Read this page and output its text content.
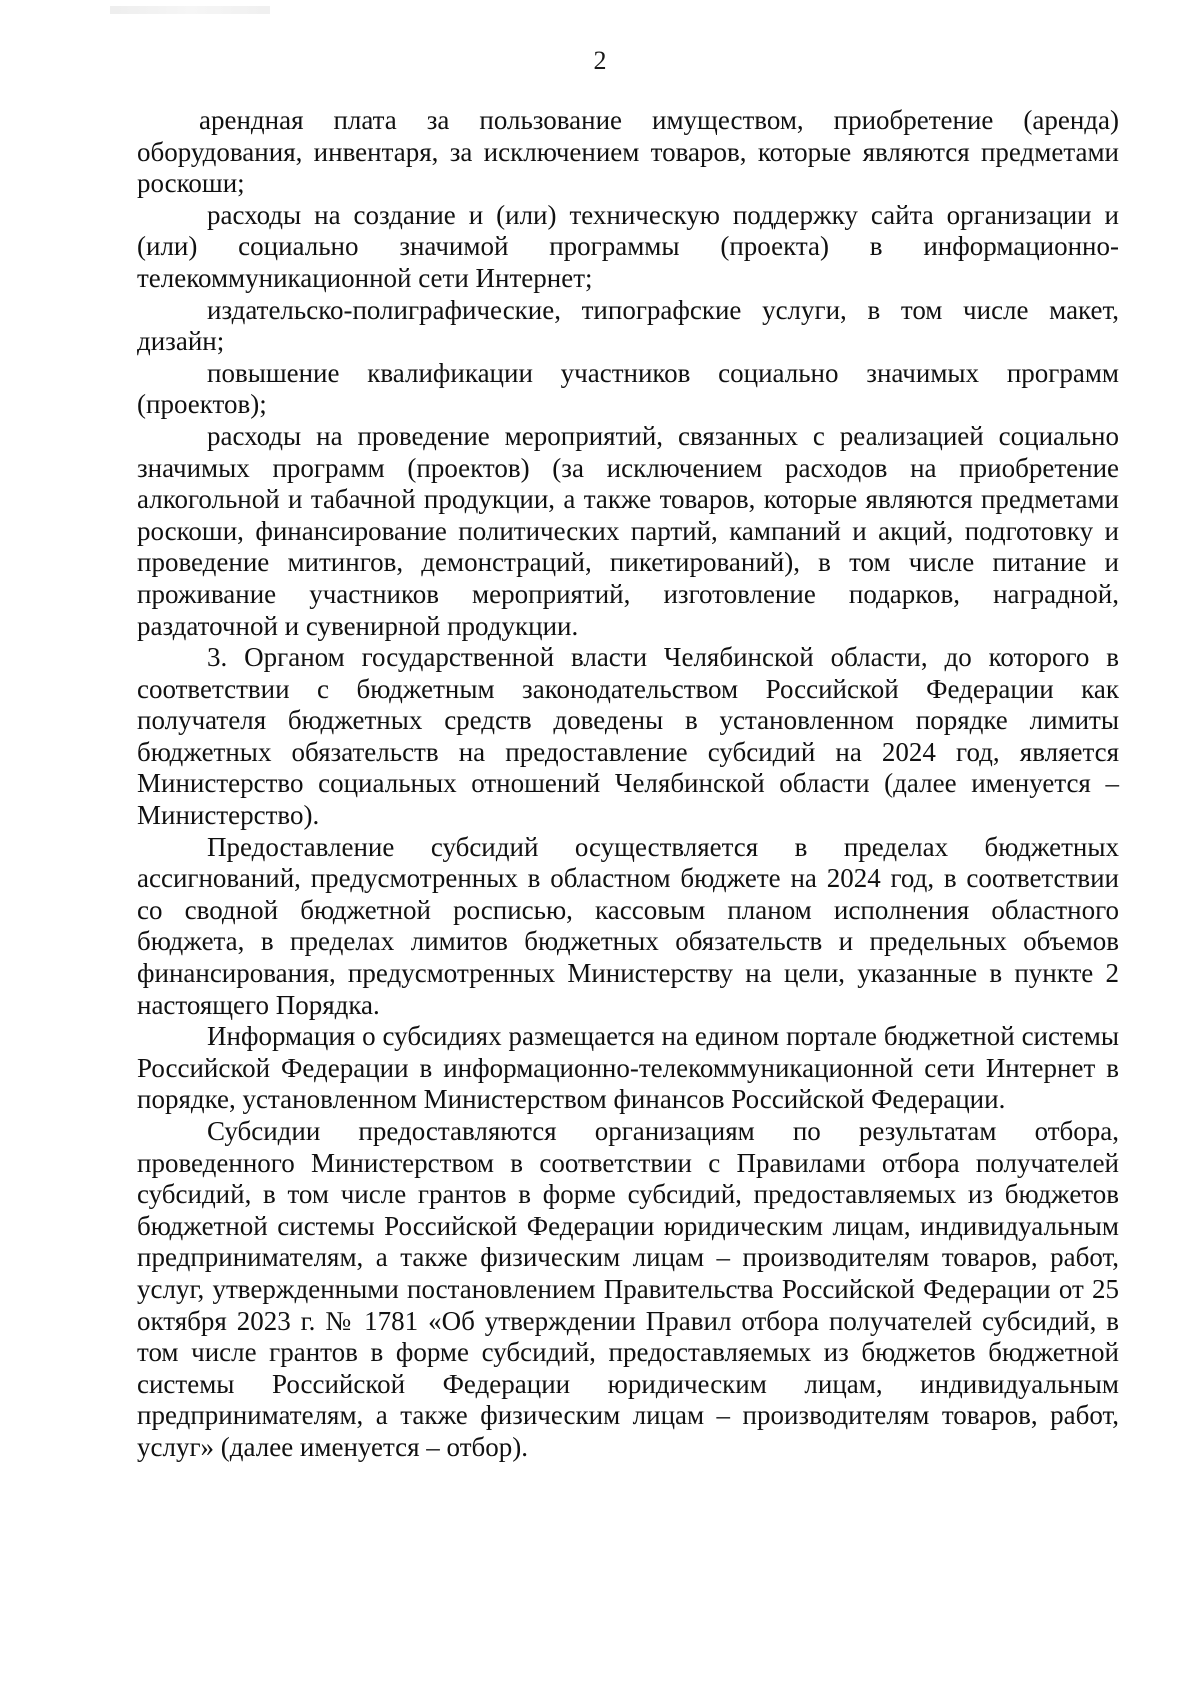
2

арендная плата за пользование имуществом, приобретение (аренда) оборудования, инвентаря, за исключением товаров, которые являются предметами роскоши;

расходы на создание и (или) техническую поддержку сайта организации и (или) социально значимой программы (проекта) в информационно-телекоммуникационной сети Интернет;

издательско-полиграфические, типографские услуги, в том числе макет, дизайн;

повышение квалификации участников социально значимых программ (проектов);

расходы на проведение мероприятий, связанных с реализацией социально значимых программ (проектов) (за исключением расходов на приобретение алкогольной и табачной продукции, а также товаров, которые являются предметами роскоши, финансирование политических партий, кампаний и акций, подготовку и проведение митингов, демонстраций, пикетирований), в том числе питание и проживание участников мероприятий, изготовление подарков, наградной, раздаточной и сувенирной продукции.

3. Органом государственной власти Челябинской области, до которого в соответствии с бюджетным законодательством Российской Федерации как получателя бюджетных средств доведены в установленном порядке лимиты бюджетных обязательств на предоставление субсидий на 2024 год, является Министерство социальных отношений Челябинской области (далее именуется – Министерство).

Предоставление субсидий осуществляется в пределах бюджетных ассигнований, предусмотренных в областном бюджете на 2024 год, в соответствии со сводной бюджетной росписью, кассовым планом исполнения областного бюджета, в пределах лимитов бюджетных обязательств и предельных объемов финансирования, предусмотренных Министерству на цели, указанные в пункте 2 настоящего Порядка.

Информация о субсидиях размещается на едином портале бюджетной системы Российской Федерации в информационно-телекоммуникационной сети Интернет в порядке, установленном Министерством финансов Российской Федерации.

Субсидии предоставляются организациям по результатам отбора, проведенного Министерством в соответствии с Правилами отбора получателей субсидий, в том числе грантов в форме субсидий, предоставляемых из бюджетов бюджетной системы Российской Федерации юридическим лицам, индивидуальным предпринимателям, а также физическим лицам – производителям товаров, работ, услуг, утвержденными постановлением Правительства Российской Федерации от 25 октября 2023 г. № 1781 «Об утверждении Правил отбора получателей субсидий, в том числе грантов в форме субсидий, предоставляемых из бюджетов бюджетной системы Российской Федерации юридическим лицам, индивидуальным предпринимателям, а также физическим лицам – производителям товаров, работ, услуг» (далее именуется – отбор).
